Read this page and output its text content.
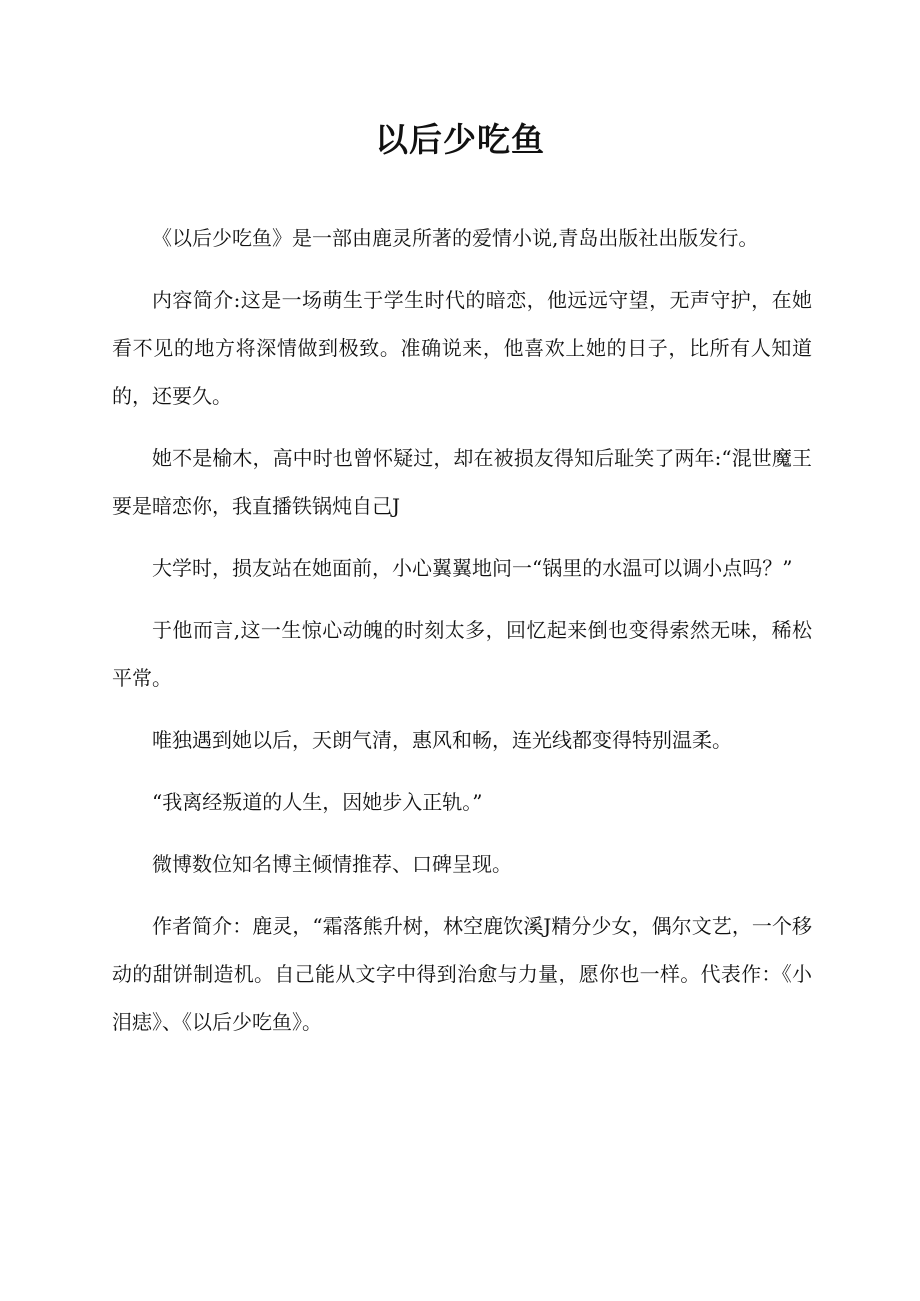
以后少吃鱼

《以后少吃鱼》是一部由鹿灵所著的爱情小说,青岛出版社出版发行。

内容简介:这是一场萌生于学生时代的暗恋，他远远守望，无声守护，在她看不见的地方将深情做到极致。准确说来，他喜欢上她的日子，比所有人知道的，还要久。

她不是榆木，高中时也曾怀疑过，却在被损友得知后耻笑了两年:“混世魔王要是暗恋你，我直播铁锅炖自己J

大学时，损友站在她面前，小心翼翼地问一“锅里的水温可以调小点吗？”

于他而言,这一生惊心动魄的时刻太多，回忆起来倒也变得索然无味，稀松平常。

唯独遇到她以后，天朗气清，惠风和畅，连光线都变得特别温柔。

“我离经叛道的人生，因她步入正轨。”

微博数位知名博主倾情推荐、口碑呈现。

作者简介：鹿灵，“霜落熊升树，林空鹿饮溪J精分少女，偶尔文艺，一个移动的甜饼制造机。自己能从文字中得到治愈与力量，愿你也一样。代表作：《小泪痣》、《以后少吃鱼》。
